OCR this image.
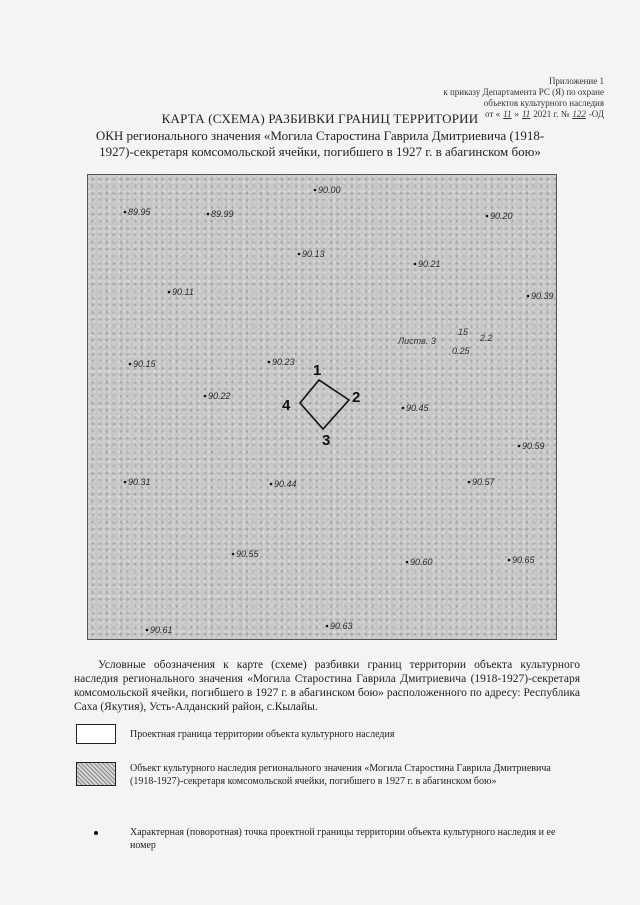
Приложение 1
к приказу Департамента РС (Я) по охране
объектов культурного наследия
от « 11 » 11 2021 г. № 122 -ОД
КАРТА (СХЕМА) РАЗБИВКИ ГРАНИЦ ТЕРРИТОРИИ
ОКН регионального значения «Могила Старостина Гаврила Дмитриевича (1918-1927)-секретаря комсомольской ячейки, погибшего в 1927 г. в абагинском бою»
89.95	89.99
90.00
90.20
90.13
90.21
90.11	90.39
90.15	90.23
90.22
90.45
90.59
90.31	90.44	90.57
90.55
90.60	90.65
90.61	90.63
1
2
3
4
Листв. 3
15
0.25
2.2
Условные обозначения к карте (схеме) разбивки границ территории объекта культурного наследия регионального значения «Могила Старостина Гаврила Дмитриевича (1918-1927)-секретаря комсомольской ячейки, погибшего в 1927 г. в абагинском бою» расположенного по адресу: Республика Саха (Якутия), Усть-Алданский район, с.Кылайы.
Проектная граница территории объекта культурного наследия
Объект культурного наследия регионального значения «Могила Старостина Гаврила Дмитриевича (1918-1927)-секретаря комсомольской ячейки, погибшего в 1927 г. в абагинском бою»
Характерная (поворотная) точка проектной границы территории объекта культурного наследия и ее номер
